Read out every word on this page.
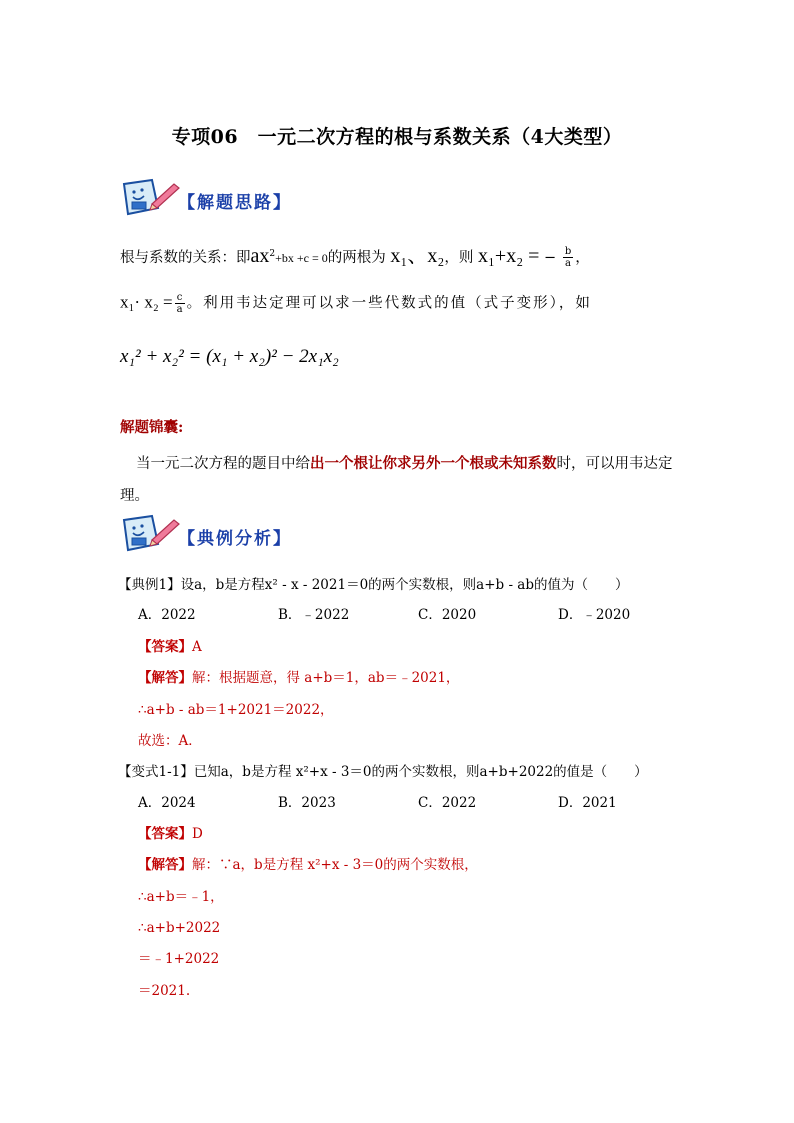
专项06　一元二次方程的根与系数关系（4大类型）
【解题思路】
根与系数的关系：即$ax^2+bx +c = 0$的两根为 x₁、x₂，则 x₁+x₂ = − $\frac{b}{a}$ ，
$x_1\cdot x_2 = \frac{c}{a}$ 。利用韦达定理可以求一些代数式的值（式子变形），如
x₁² + x₂² = (x₁ + x₂)² − 2x₁x₂
解题锦囊:
当一元二次方程的题目中给出一个根让你求另外一个根或未知系数时，可以用韦达定理。
【典例分析】
【典例1】设a，b是方程x² - x - 2021＝0的两个实数根，则a+b - ab的值为（　　）
A．2022	B．﹣2022	C．2020	D．﹣2020
【答案】A
【解答】解：根据题意，得 a+b＝1，ab＝﹣2021，
∴a+b - ab＝1+2021＝2022，
故选：A．
【变式1-1】已知a，b是方程 x²+x - 3＝0的两个实数根，则a+b+2022的值是（　　）
A．2024	B．2023	C．2022	D．2021
【答案】D
【解答】解：∵a，b是方程 x²+x - 3＝0的两个实数根，
∴a+b＝﹣1，
∴a+b+2022
＝﹣1+2022
＝2021.
